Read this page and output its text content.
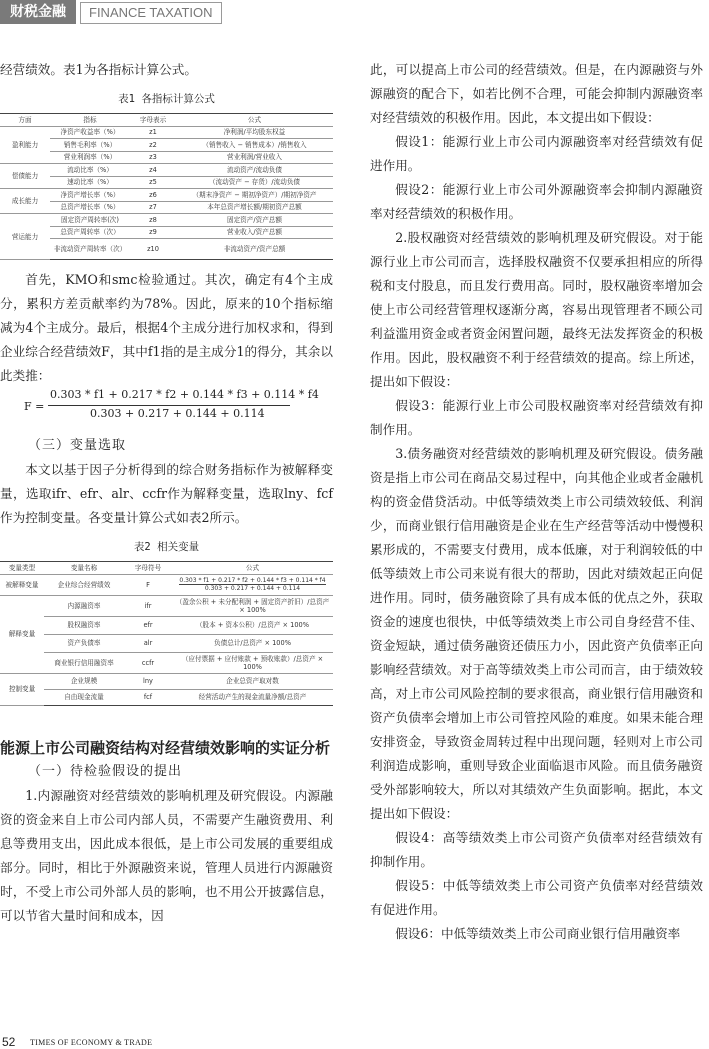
财税金融	FINANCE TAXATION

经营绩效。表1为各指标计算公式。

表1 各指标计算公式

方面	指标	字母表示	公式
盈利能力	净资产收益率（%）	z1	净利润/平均股东权益
	销售毛利率（%）	z2	（销售收入 − 销售成本）/销售收入
	营业利润率（%）	z3	营业利润/营业收入
偿债能力	流动比率（%）	z4	流动资产/流动负债
	速动比率（%）	z5	（流动资产 − 存货）/流动负债
成长能力	净资产增长率（%）	z6	（期末净资产 − 期初净资产）/期初净资产
	总资产增长率（%）	z7	本年总资产增长额/期初资产总额
营运能力	固定资产周转率(次)	z8	固定资产/资产总额
	总资产周转率（次）	z9	营业收入/资产总额
	非流动资产周转率（次）	z10	非流动资产/资产总额

首先，KMO和smc检验通过。其次，确定有4个主成分，累积方差贡献率约为78%。因此，原来的10个指标缩减为4个主成分。最后，根据4个主成分进行加权求和，得到企业综合经营绩效F，其中f1指的是主成分1的得分，其余以此类推：

F =
0.303 * f1 + 0.217 * f2 + 0.144 * f3 + 0.114 * f4
0.303 + 0.217 + 0.144 + 0.114

（三）变量选取

本文以基于因子分析得到的综合财务指标作为被解释变量，选取ifr、efr、alr、ccfr作为解释变量，选取lny、fcf作为控制变量。各变量计算公式如表2所示。

表2 相关变量

变量类型	变量名称	字母符号	公式
被解释变量	企业综合经营绩效	F	0.303 * f1 + 0.217 * f2 + 0.144 * f3 + 0.114 * f4
0.303 + 0.217 + 0.144 + 0.114

解释变量	内源融资率	ifr	（盈余公积 + 未分配利润 + 固定资产折旧）/总资产 × 100%
	股权融资率	efr	（股本 + 资本公积）/总资产 × 100%
	资产负债率	alr	负债总计/总资产 × 100%
	商业银行信用融资率	ccfr	（应付票据 + 应付账款 + 预收账款）/总资产 × 100%
控制变量	企业规模	lny	企业总资产取对数
	自由现金流量	fcf	经营活动产生的现金流量净额/总资产

能源上市公司融资结构对经营绩效影响的实证分析

（一）待检验假设的提出

1.内源融资对经营绩效的影响机理及研究假设。内源融资的资金来自上市公司内部人员，不需要产生融资费用、利息等费用支出，因此成本很低，是上市公司发展的重要组成部分。同时，相比于外源融资来说，管理人员进行内源融资时，不受上市公司外部人员的影响，也不用公开披露信息，可以节省大量时间和成本，因

此，可以提高上市公司的经营绩效。但是，在内源融资与外源融资的配合下，如若比例不合理，可能会抑制内源融资率对经营绩效的积极作用。因此，本文提出如下假设：

假设1：能源行业上市公司内源融资率对经营绩效有促进作用。

假设2：能源行业上市公司外源融资率会抑制内源融资率对经营绩效的积极作用。

2.股权融资对经营绩效的影响机理及研究假设。对于能源行业上市公司而言，选择股权融资不仅要承担相应的所得税和支付股息，而且发行费用高。同时，股权融资率增加会使上市公司经营管理权逐渐分离，容易出现管理者不顾公司利益滥用资金或者资金闲置问题，最终无法发挥资金的积极作用。因此，股权融资不利于经营绩效的提高。综上所述，提出如下假设：

假设3：能源行业上市公司股权融资率对经营绩效有抑制作用。

3.债务融资对经营绩效的影响机理及研究假设。债务融资是指上市公司在商品交易过程中，向其他企业或者金融机构的资金借贷活动。中低等绩效类上市公司绩效较低、利润少，而商业银行信用融资是企业在生产经营等活动中慢慢积累形成的，不需要支付费用，成本低廉，对于利润较低的中低等绩效上市公司来说有很大的帮助，因此对绩效起正向促进作用。同时，债务融资除了具有成本低的优点之外，获取资金的速度也很快，中低等绩效类上市公司自身经营不佳、资金短缺，通过债务融资还债压力小，因此资产负债率正向影响经营绩效。对于高等绩效类上市公司而言，由于绩效较高，对上市公司风险控制的要求很高，商业银行信用融资和资产负债率会增加上市公司管控风险的难度。如果未能合理安排资金，导致资金周转过程中出现问题，轻则对上市公司利润造成影响，重则导致企业面临退市风险。而且债务融资受外部影响较大，所以对其绩效产生负面影响。据此，本文提出如下假设：

假设4：高等绩效类上市公司资产负债率对经营绩效有抑制作用。

假设5：中低等绩效类上市公司资产负债率对经营绩效有促进作用。

假设6：中低等绩效类上市公司商业银行信用融资率

52 TIMES OF ECONOMY & TRADE
